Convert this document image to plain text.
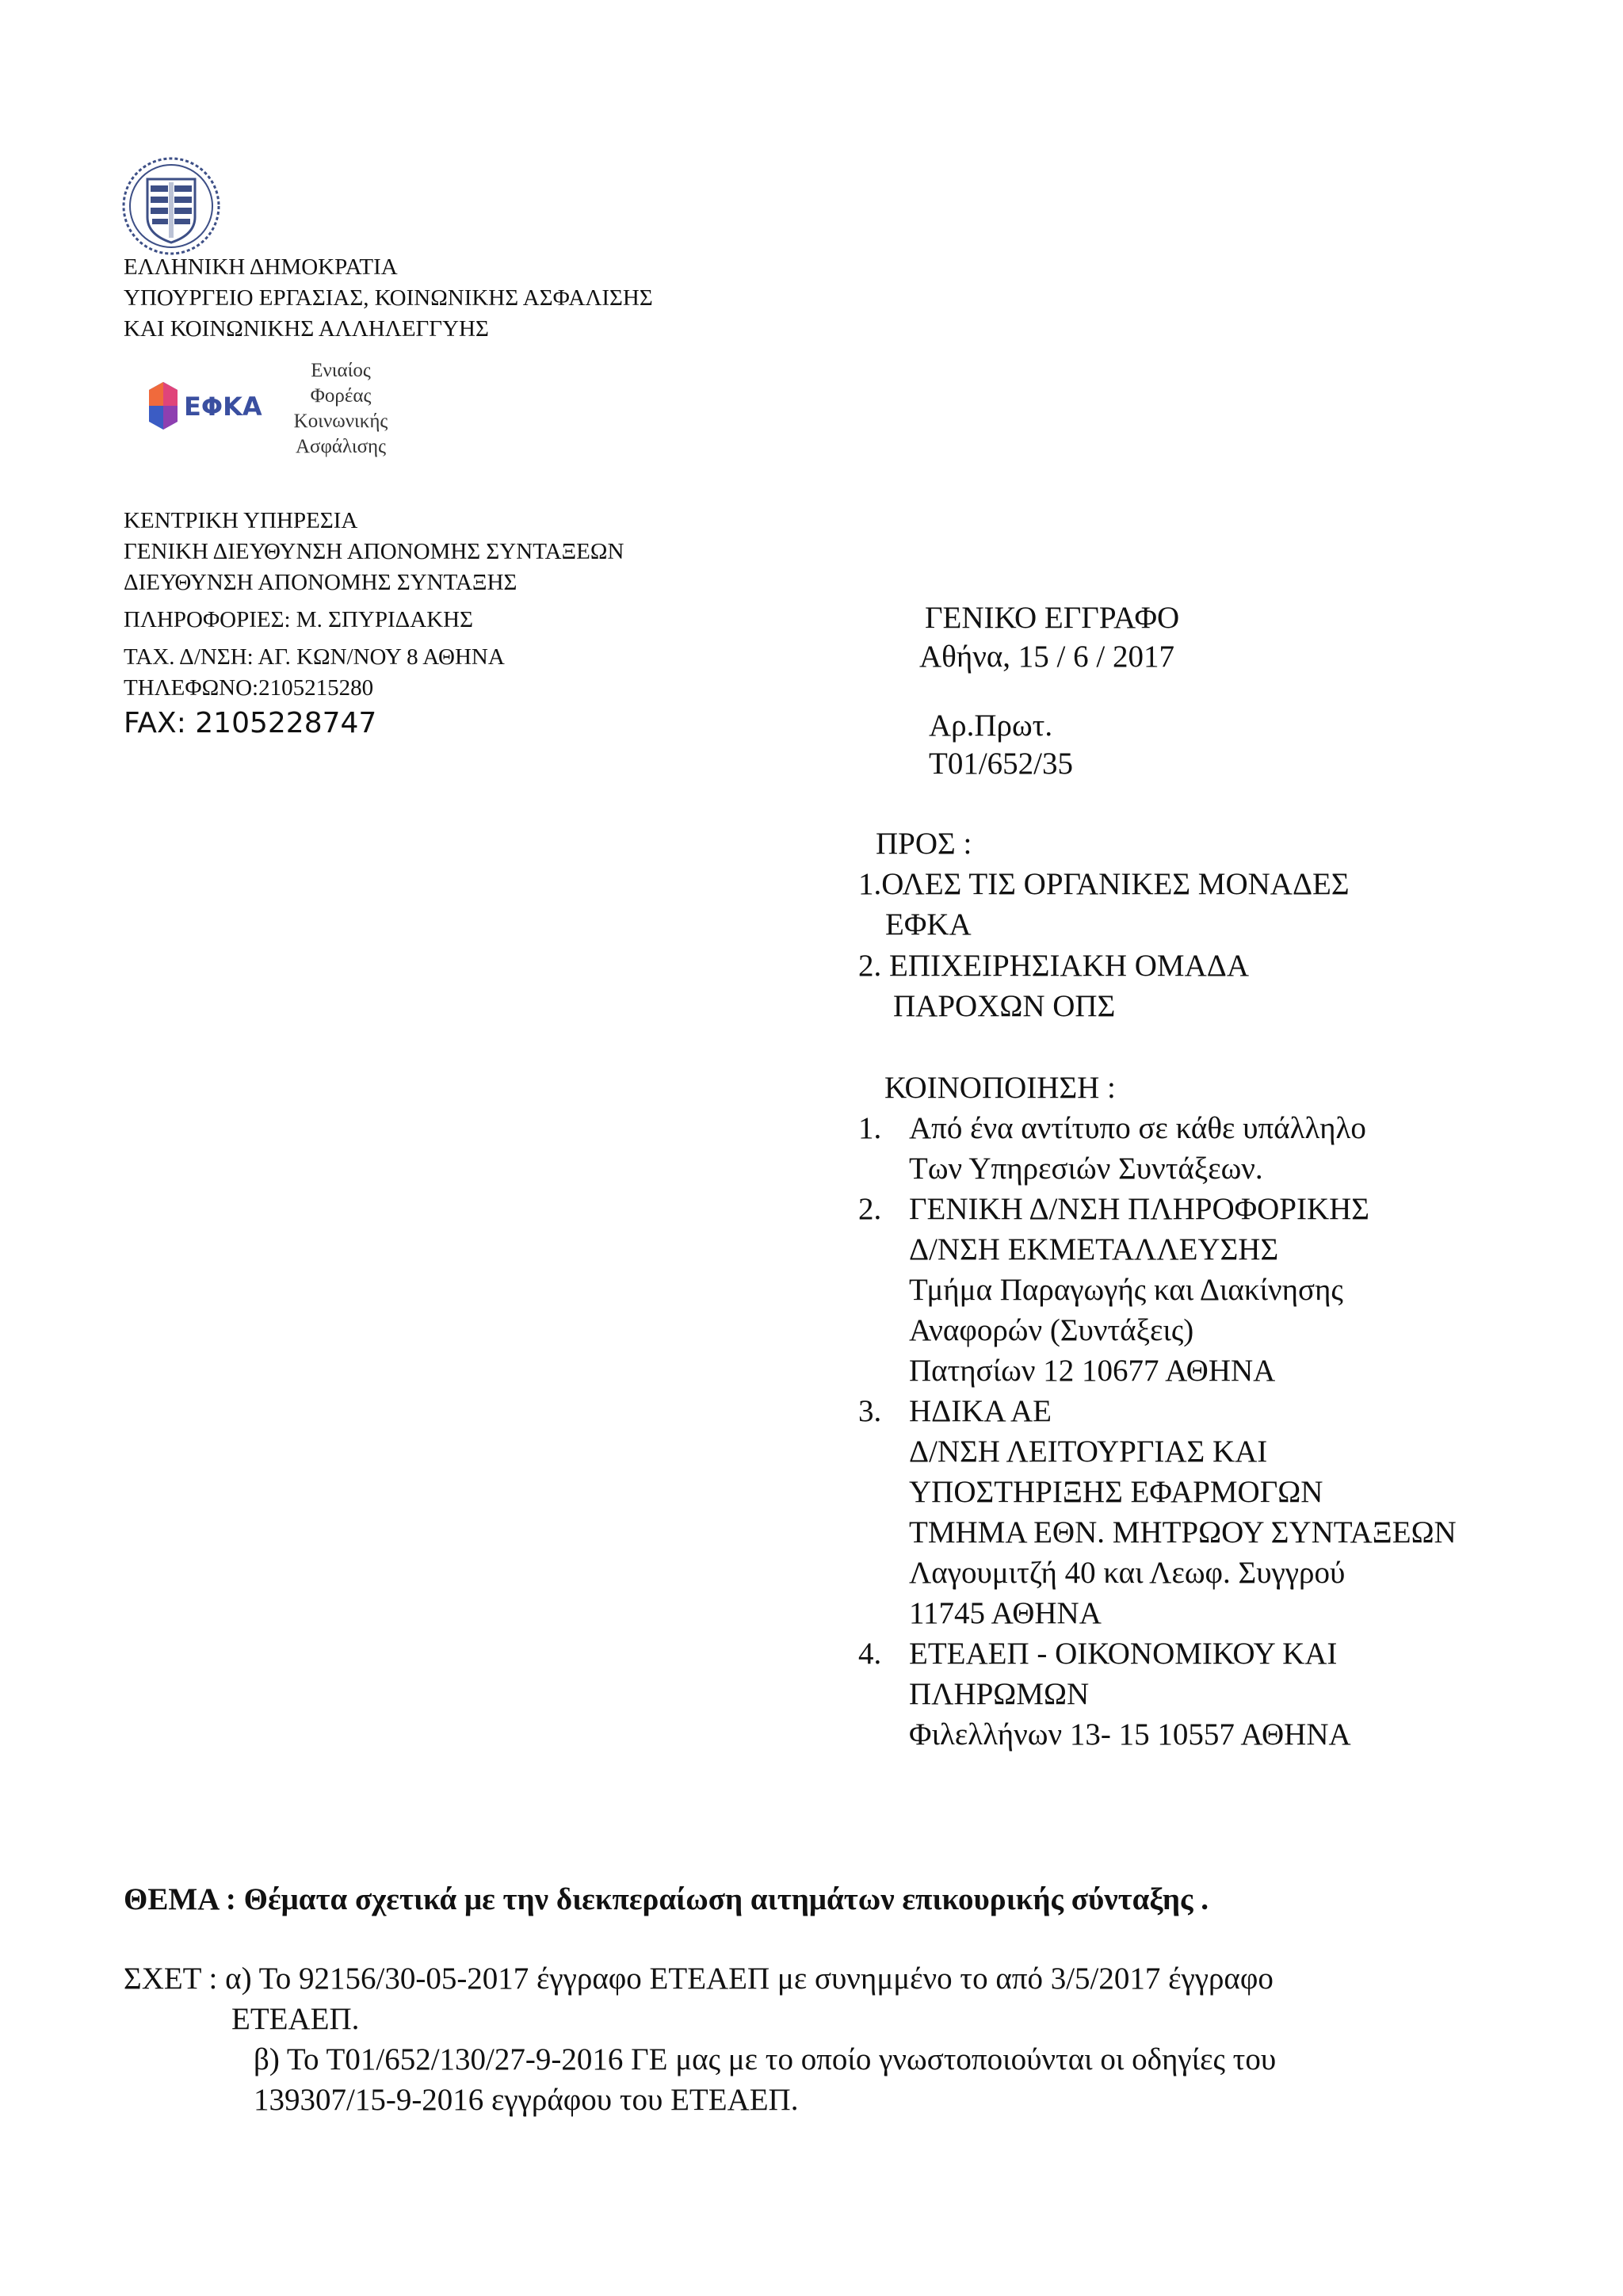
ΕΛΛΗΝΙΚΗ ΔΗΜΟΚΡΑΤΙΑ
ΥΠΟΥΡΓΕΙΟ ΕΡΓΑΣΙΑΣ, ΚΟΙΝΩΝΙΚΗΣ ΑΣΦΑΛΙΣΗΣ
ΚΑΙ ΚΟΙΝΩΝΙΚΗΣ ΑΛΛΗΛΕΓΓΥΗΣ
ΕΦΚΑ
Ενιαίος
Φορέας
Κοινωνικής
Ασφάλισης
ΚΕΝΤΡΙΚΗ ΥΠΗΡΕΣΙΑ
ΓΕΝΙΚΗ ΔΙΕΥΘΥΝΣΗ ΑΠΟΝΟΜΗΣ ΣΥΝΤΑΞΕΩΝ
ΔΙΕΥΘΥΝΣΗ ΑΠΟΝΟΜΗΣ ΣΥΝΤΑΞΗΣ
ΠΛΗΡΟΦΟΡΙΕΣ: Μ. ΣΠΥΡΙΔΑΚΗΣ
ΤΑΧ. Δ/ΝΣΗ: ΑΓ. ΚΩΝ/ΝΟΥ 8 ΑΘΗΝΑ
ΤΗΛΕΦΩΝΟ:2105215280
FAX: 2105228747
ΓΕΝΙΚΟ ΕΓΓΡΑΦΟ
Αθήνα, 15 / 6 / 2017
Αρ.Πρωτ.
Τ01/652/35
ΠΡΟΣ :
1.ΟΛΕΣ ΤΙΣ ΟΡΓΑΝΙΚΕΣ ΜΟΝΑΔΕΣ
ΕΦΚΑ
2. ΕΠΙΧΕΙΡΗΣΙΑΚΗ ΟΜΑΔΑ
ΠΑΡΟΧΩΝ ΟΠΣ
ΚΟΙΝΟΠΟΙΗΣΗ :
1. Από ένα αντίτυπο σε κάθε υπάλληλο
Των Υπηρεσιών Συντάξεων.
2. ΓΕΝΙΚΗ Δ/ΝΣΗ ΠΛΗΡΟΦΟΡΙΚΗΣ
Δ/ΝΣΗ ΕΚΜΕΤΑΛΛΕΥΣΗΣ
Τμήμα Παραγωγής και Διακίνησης
Αναφορών (Συντάξεις)
Πατησίων 12 10677 ΑΘΗΝΑ
3. ΗΔΙΚΑ ΑΕ
Δ/ΝΣΗ ΛΕΙΤΟΥΡΓΙΑΣ ΚΑΙ
ΥΠΟΣΤΗΡΙΞΗΣ ΕΦΑΡΜΟΓΩΝ
ΤΜΗΜΑ ΕΘΝ. ΜΗΤΡΩΟΥ ΣΥΝΤΑΞΕΩΝ
Λαγουμιτζή 40 και Λεωφ. Συγγρού
11745 ΑΘΗΝΑ
4. ΕΤΕΑΕΠ - ΟΙΚΟΝΟΜΙΚΟΥ ΚΑΙ
ΠΛΗΡΩΜΩΝ
Φιλελλήνων 13- 15 10557 ΑΘΗΝΑ
ΘΕΜΑ : Θέματα σχετικά με την διεκπεραίωση αιτημάτων επικουρικής σύνταξης .
ΣΧΕΤ : α) Το 92156/30-05-2017 έγγραφο ΕΤΕΑΕΠ με συνημμένο το από 3/5/2017 έγγραφο
ΕΤΕΑΕΠ.
β) Το Τ01/652/130/27-9-2016 ΓΕ μας με το οποίο γνωστοποιούνται οι οδηγίες του
139307/15-9-2016 εγγράφου του ΕΤΕΑΕΠ.
